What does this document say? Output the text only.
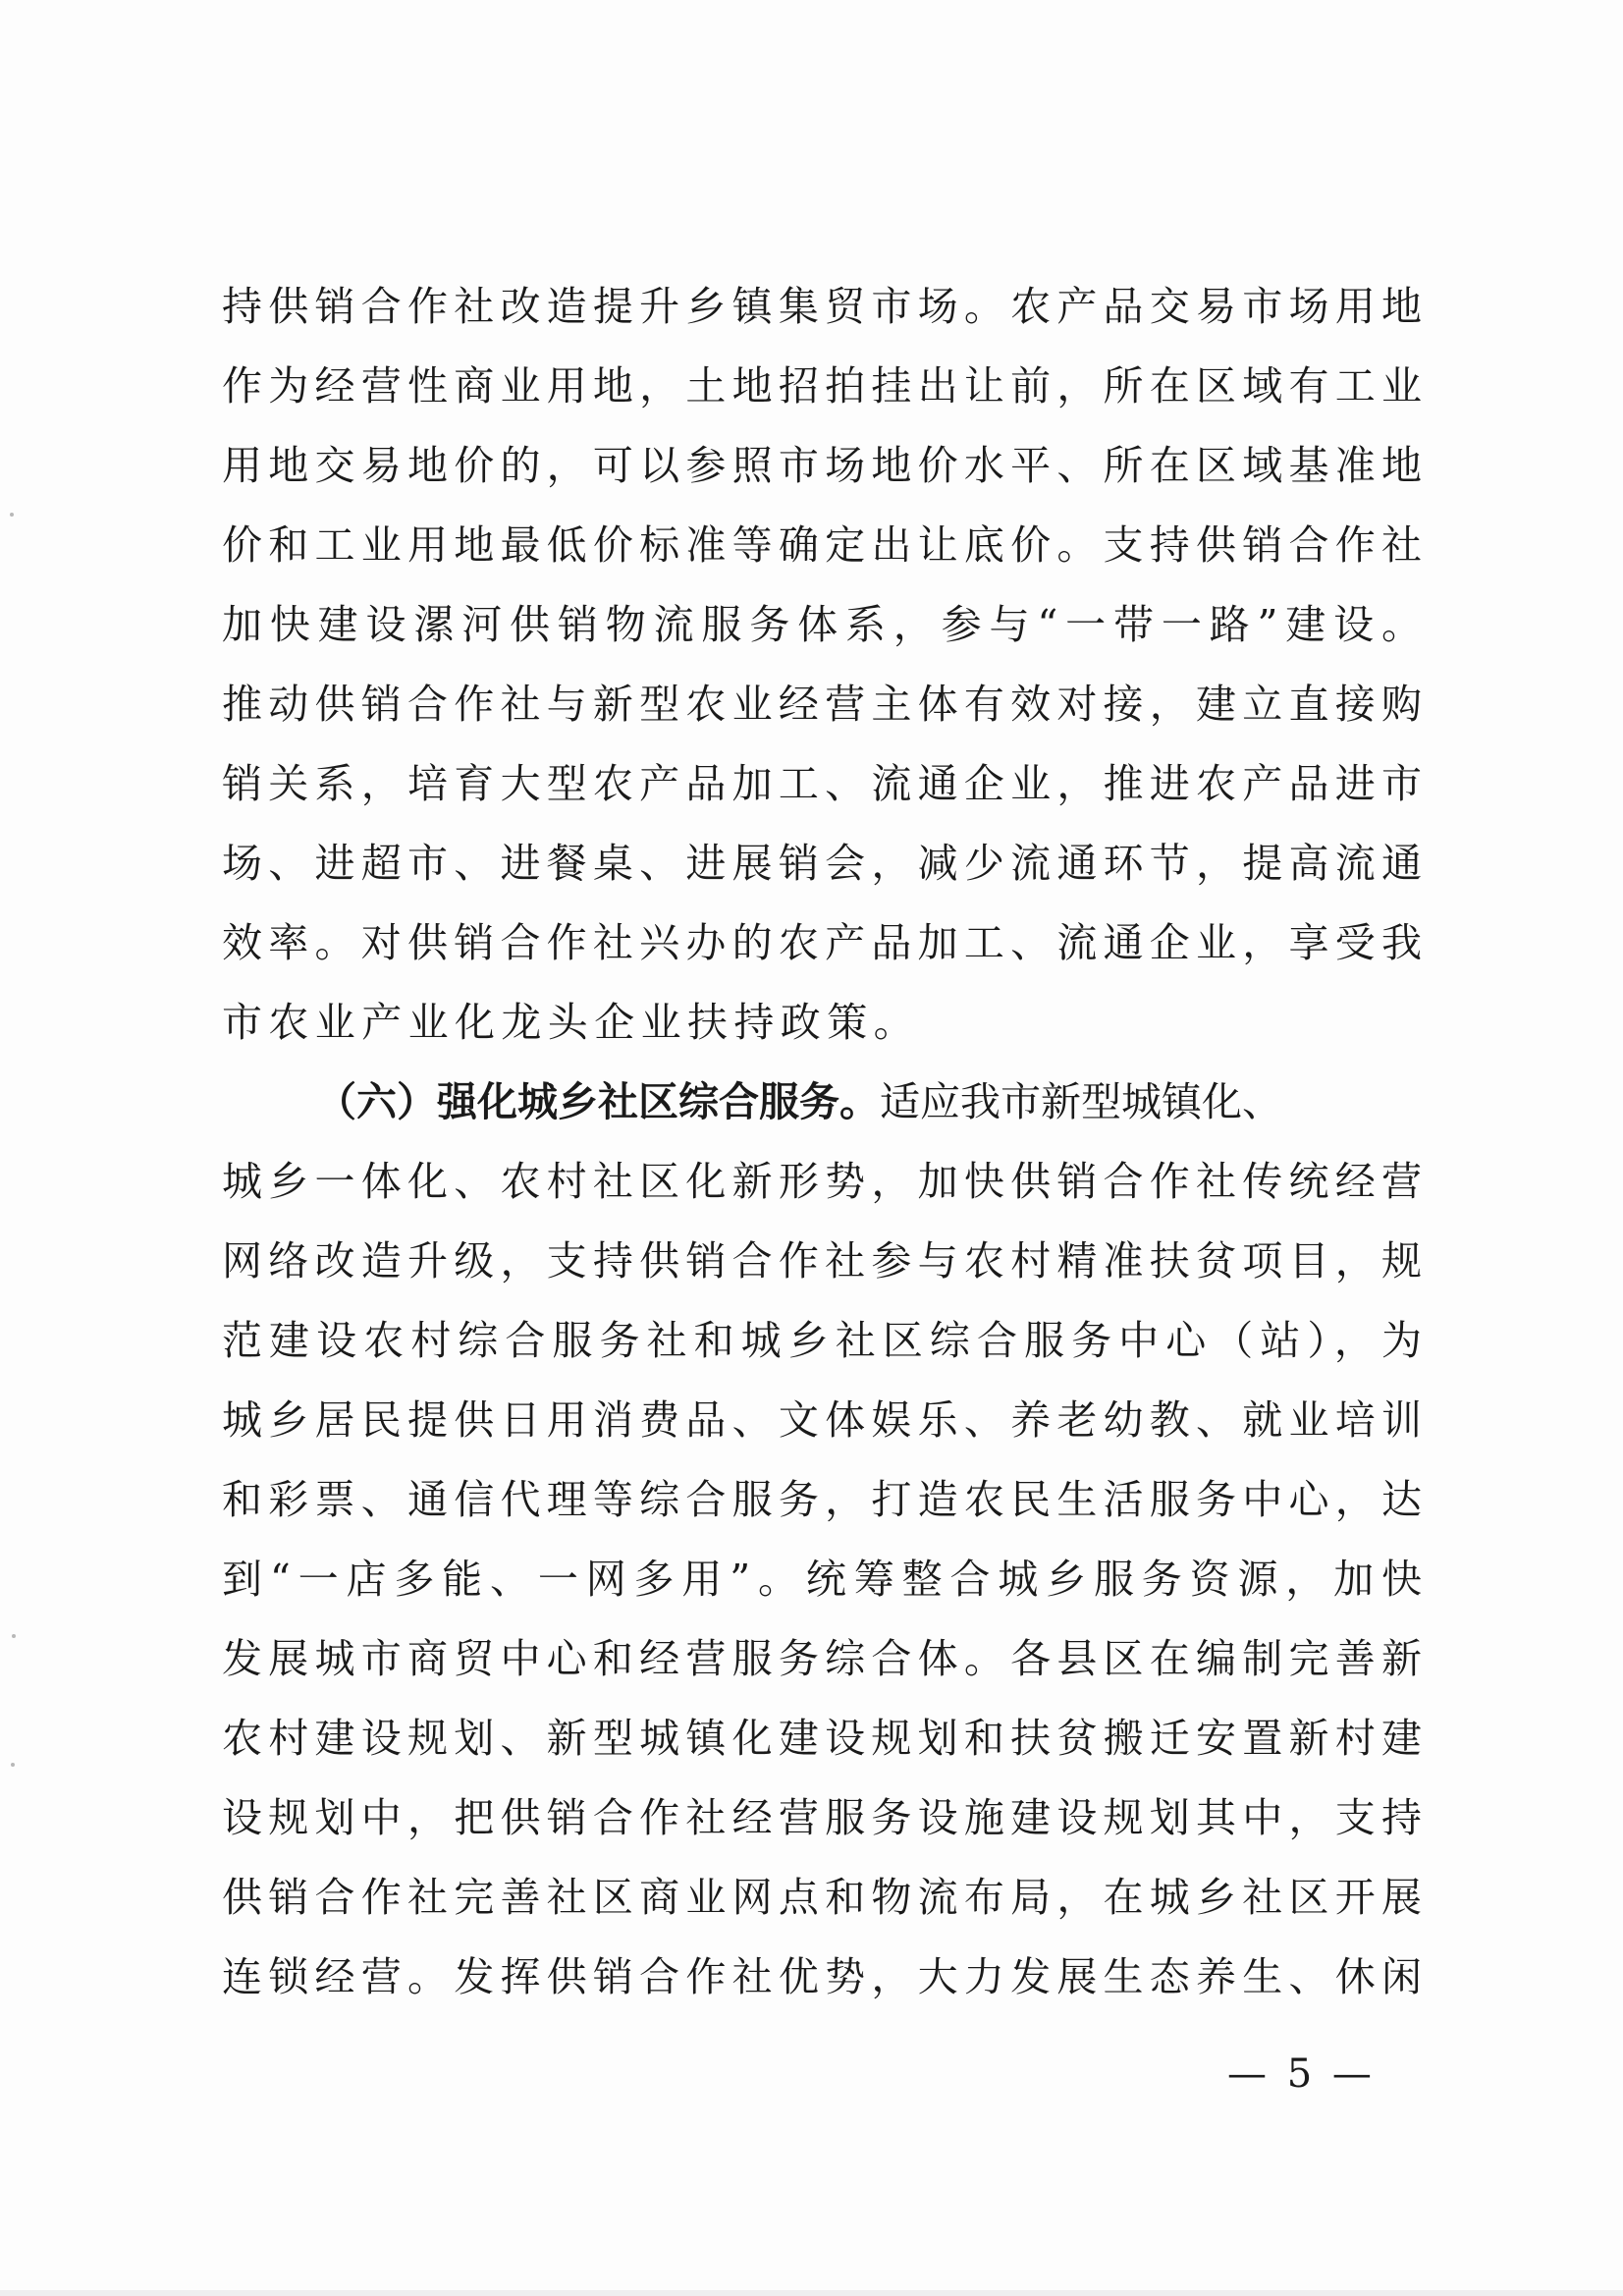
持供销合作社改造提升乡镇集贸市场。农产品交易市场用地
作为经营性商业用地，土地招拍挂出让前，所在区域有工业
用地交易地价的，可以参照市场地价水平、所在区域基准地
价和工业用地最低价标准等确定出让底价。支持供销合作社
加快建设漯河供销物流服务体系，参与“一带一路”建设。
推动供销合作社与新型农业经营主体有效对接，建立直接购
销关系，培育大型农产品加工、流通企业，推进农产品进市
场、进超市、进餐桌、进展销会，减少流通环节，提高流通
效率。对供销合作社兴办的农产品加工、流通企业，享受我
市农业产业化龙头企业扶持政策。
（六）强化城乡社区综合服务。适应我市新型城镇化、
城乡一体化、农村社区化新形势，加快供销合作社传统经营
网络改造升级，支持供销合作社参与农村精准扶贫项目，规
范建设农村综合服务社和城乡社区综合服务中心（站），为
城乡居民提供日用消费品、文体娱乐、养老幼教、就业培训
和彩票、通信代理等综合服务，打造农民生活服务中心，达
到“一店多能、一网多用”。统筹整合城乡服务资源，加快
发展城市商贸中心和经营服务综合体。各县区在编制完善新
农村建设规划、新型城镇化建设规划和扶贫搬迁安置新村建
设规划中，把供销合作社经营服务设施建设规划其中，支持
供销合作社完善社区商业网点和物流布局，在城乡社区开展
连锁经营。发挥供销合作社优势，大力发展生态养生、休闲
— 5 —
